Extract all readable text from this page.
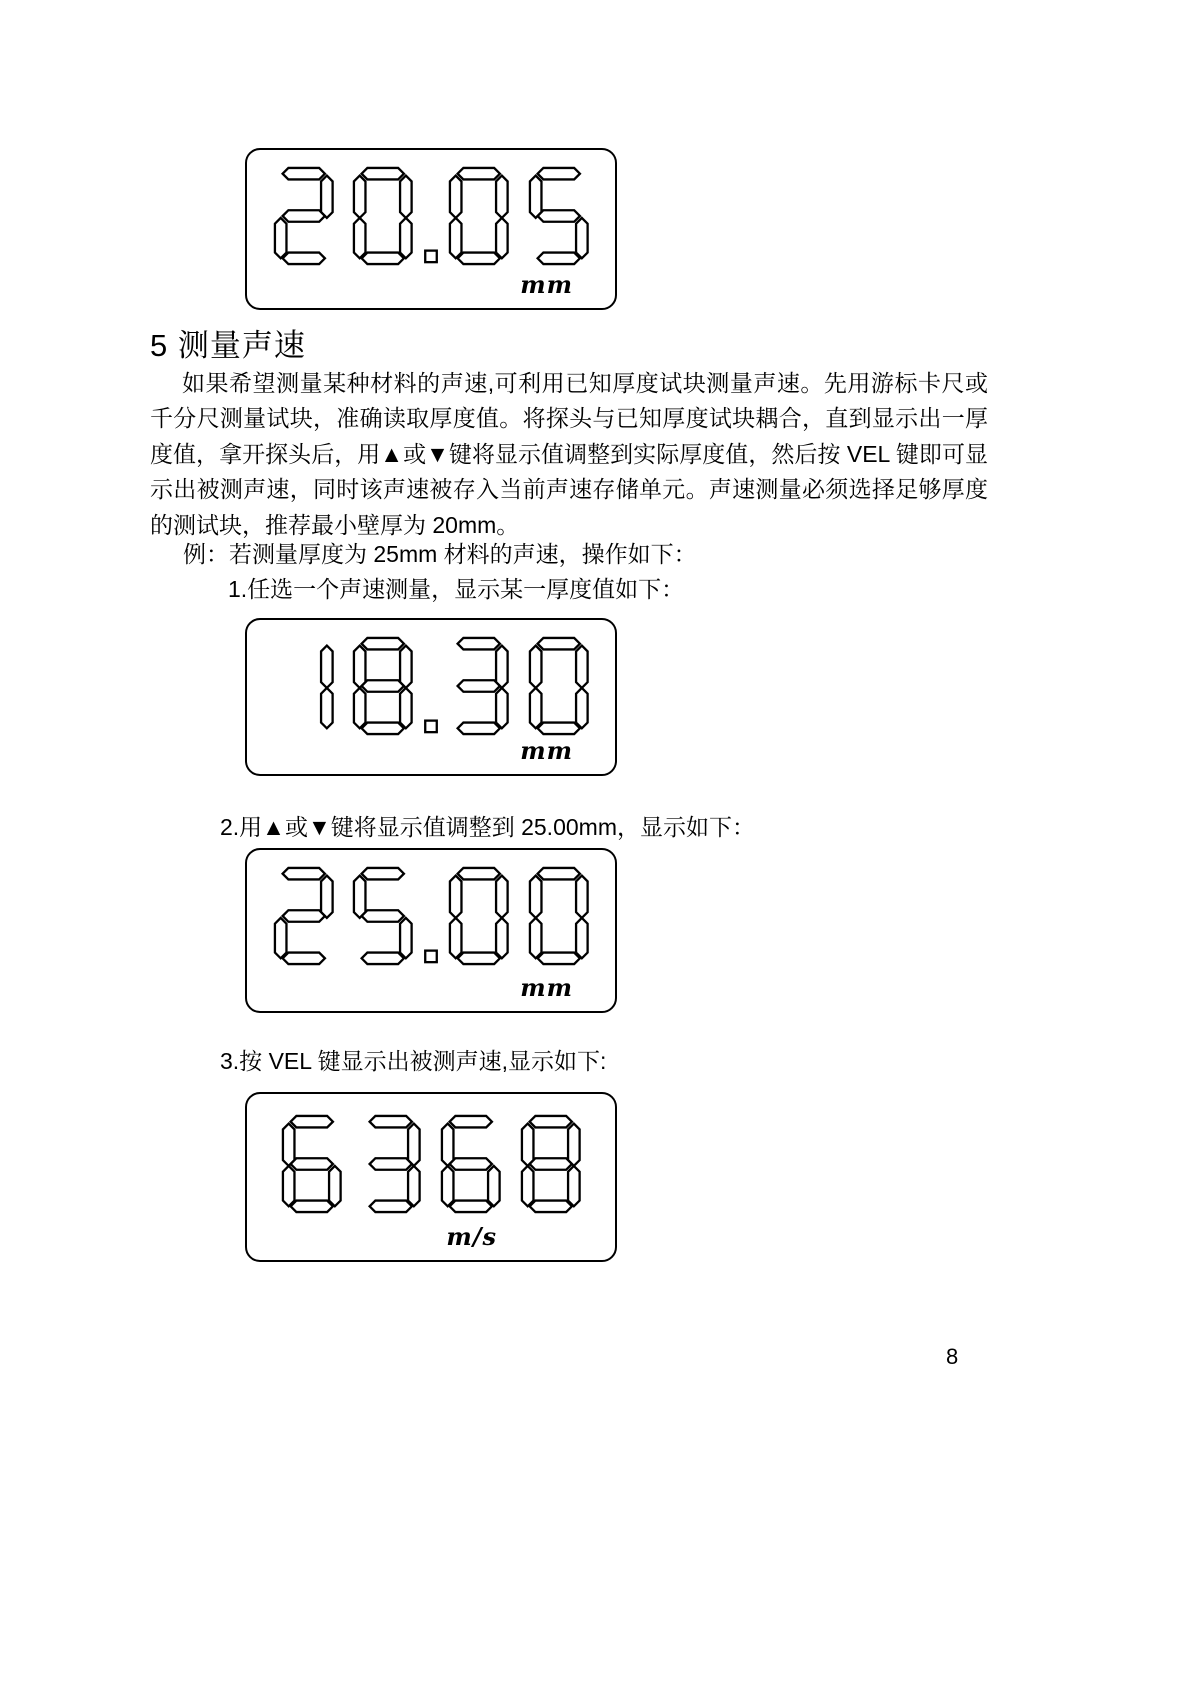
mm
5 测量声速
如果希望测量某种材料的声速,可利用已知厚度试块测量声速。先用游标卡尺或千分尺测量试块，准确读取厚度值。将探头与已知厚度试块耦合，直到显示出一厚度值，拿开探头后，用▲或▼键将显示值调整到实际厚度值，然后按 VEL 键即可显示出被测声速，同时该声速被存入当前声速存储单元。声速测量必须选择足够厚度的测试块，推荐最小壁厚为 20mm。
例：若测量厚度为 25mm 材料的声速，操作如下：
1.任选一个声速测量，显示某一厚度值如下：
mm
2.用▲或▼键将显示值调整到 25.00mm，显示如下：
mm
3.按 VEL 键显示出被测声速,显示如下:
m/s
8
